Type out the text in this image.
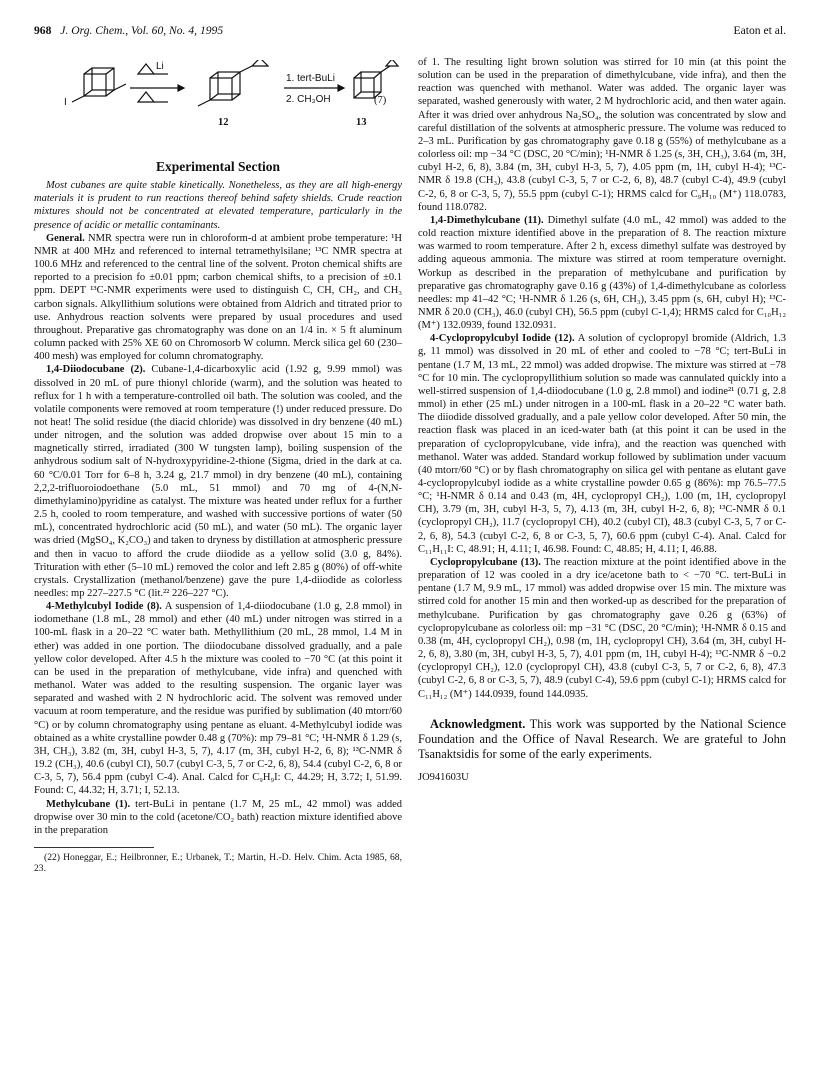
968 J. Org. Chem., Vol. 60, No. 4, 1995	Eaton et al.
Li
I
1. tert-BuLi
2. CH₃OH
12	13
(7)
Experimental Section

Most cubanes are quite stable kinetically. Nonetheless, as they are all high-energy materials it is prudent to run reactions thereof behind safety shields. Crude reaction mixtures should not be concentrated at elevated temperature, particularly in the presence of acidic or metallic contaminants.

General. NMR spectra were run in chloroform-d at ambient probe temperature: ¹H NMR at 400 MHz and referenced to internal tetramethylsilane; ¹³C NMR spectra at 100.6 MHz and referenced to the central line of the solvent. Proton chemical shifts are reported to a precision fo ±0.01 ppm; carbon chemical shifts, to a precision of ±0.1 ppm. DEPT ¹³C-NMR experiments were used to distinguish C, CH, CH₂, and CH₃ carbon signals. Alkyllithium solutions were obtained from Aldrich and titrated prior to use. Anhydrous reaction solvents were prepared by usual procedures and used throughout. Preparative gas chromatography was done on an 1/4 in. × 5 ft aluminum column packed with 25% XE 60 on Chromosorb W column. Merck silica gel 60 (230–400 mesh) was employed for column chromatography.

1,4-Diiodocubane (2). Cubane-1,4-dicarboxylic acid (1.92 g, 9.99 mmol) was dissolved in 20 mL of pure thionyl chloride (warm), and the solution was heated to reflux for 1 h with a temperature-controlled oil bath. The solution was cooled, and the volatile components were removed at room temperature (!) under reduced pressure. Do not heat! The solid residue (the diacid chloride) was dissolved in dry benzene (40 mL) under nitrogen, and the solution was added dropwise over about 15 min to a magnetically stirred, irradiated (300 W tungsten lamp), boiling suspension of the anhydrous sodium salt of N-hydroxypyridine-2-thione (Sigma, dried in the dark at ca. 60 °C/0.01 Torr for 6–8 h, 3.24 g, 21.7 mmol) in dry benzene (40 mL), containing 2,2,2-trifluoroiodoethane (5.0 mL, 51 mmol) and 70 mg of 4-(N,N-dimethylamino)pyridine as catalyst. The mixture was heated under reflux for a further 2.5 h, cooled to room temperature, and washed with successive portions of water (50 mL), concentrated hydrochloric acid (50 mL), and water (50 mL). The organic layer was dried (MgSO₄, K₂CO₃) and taken to dryness by distillation at atmospheric pressure and then in vacuo to afford the crude diiodide as a yellow solid (3.0 g, 84%). Trituration with ether (5–10 mL) removed the color and left 2.85 g (80%) of off-white crystals. Crystallization (methanol/benzene) gave the pure 1,4-diiodide as colorless needles: mp 227–227.5 °C (lit.²² 226–227 °C).

4-Methylcubyl Iodide (8). A suspension of 1,4-diiodocubane (1.0 g, 2.8 mmol) in iodomethane (1.8 mL, 28 mmol) and ether (40 mL) under nitrogen was stirred in a 100-mL flask in a 20–22 °C water bath. Methyllithium (20 mL, 28 mmol, 1.4 M in ether) was added in one portion. The diiodocubane dissolved gradually, and a pale yellow color developed. After 4.5 h the mixture was cooled to −70 °C (at this point it can be used in the preparation of methylcubane, vide infra) and quenched with methanol. Water was added to the resulting suspension. The organic layer was separated and washed with 2 N hydrochloric acid. The solvent was removed under vacuum at room temperature, and the residue was purified by sublimation (40 mtorr/60 °C) or by column chromatography using pentane as eluant. 4-Methylcubyl iodide was obtained as a white crystalline powder 0.48 g (70%): mp 79–81 °C; ¹H-NMR δ 1.29 (s, 3H, CH₃), 3.82 (m, 3H, cubyl H-3, 5, 7), 4.17 (m, 3H, cubyl H-2, 6, 8); ¹³C-NMR δ 19.2 (CH₃), 40.6 (cubyl CI), 50.7 (cubyl C-3, 5, 7 or C-2, 6, 8), 54.4 (cubyl C-2, 6, 8 or C-3, 5, 7), 56.4 ppm (cubyl C-4). Anal. Calcd for C₉H₉I: C, 44.29; H, 3.72; I, 51.99. Found: C, 44.32; H, 3.71; I, 52.13.

Methylcubane (1). tert-BuLi in pentane (1.7 M, 25 mL, 42 mmol) was added dropwise over 30 min to the cold (acetone/CO₂ bath) reaction mixture identified above in the preparation

(22) Honeggar, E.; Heilbronner, E.; Urbanek, T.; Martin, H.-D. Helv. Chim. Acta 1985, 68, 23.

of 1. The resulting light brown solution was stirred for 10 min (at this point the solution can be used in the preparation of dimethylcubane, vide infra), and then the reaction was quenched with methanol. Water was added. The organic layer was separated, washed generously with water, 2 M hydrochloric acid, and then water again. After it was dried over anhydrous Na₂SO₄, the solution was concentrated by slow and careful distillation of the solvents at atmospheric pressure. The volume was reduced to 2–3 mL. Purification by gas chromatography gave 0.18 g (55%) of methylcubane as a colorless oil: mp −34 °C (DSC, 20 °C/min); ¹H-NMR δ 1.25 (s, 3H, CH₃), 3.64 (m, 3H, cubyl H-2, 6, 8), 3.84 (m, 3H, cubyl H-3, 5, 7), 4.05 ppm (m, 1H, cubyl H-4); ¹³C-NMR δ 19.8 (CH₃), 43.8 (cubyl C-3, 5, 7 or C-2, 6, 8), 48.7 (cubyl C-4), 49.9 (cubyl C-2, 6, 8 or C-3, 5, 7), 55.5 ppm (cubyl C-1); HRMS calcd for C₉H₁₀ (M⁺) 118.0783, found 118.0782.

1,4-Dimethylcubane (11). Dimethyl sulfate (4.0 mL, 42 mmol) was added to the cold reaction mixture identified above in the preparation of 8. The reaction mixture was warmed to room temperature. After 2 h, excess dimethyl sulfate was destroyed by adding aqueous ammonia. The mixture was stirred at room temperature overnight. Workup as described in the preparation of methylcubane and purification by preparative gas chromatography gave 0.16 g (43%) of 1,4-dimethylcubane as colorless needles: mp 41–42 °C; ¹H-NMR δ 1.26 (s, 6H, CH₃), 3.45 ppm (s, 6H, cubyl H); ¹³C-NMR δ 20.0 (CH₃), 46.0 (cubyl CH), 56.5 ppm (cubyl C-1,4); HRMS calcd for C₁₀H₁₂ (M⁺) 132.0939, found 132.0931.

4-Cyclopropylcubyl Iodide (12). A solution of cyclopropyl bromide (Aldrich, 1.3 g, 11 mmol) was dissolved in 20 mL of ether and cooled to −78 °C; tert-BuLi in pentane (1.7 M, 13 mL, 22 mmol) was added dropwise. The mixture was stirred at −78 °C for 10 min. The cyclopropyllithium solution so made was cannulated quickly into a well-stirred suspension of 1,4-diiodocubane (1.0 g, 2.8 mmol) and iodine²¹ (0.71 g, 2.8 mmol) in ether (25 mL) under nitrogen in a 100-mL flask in a 20–22 °C water bath. The diiodide dissolved gradually, and a pale yellow color developed. After 50 min, the reaction flask was placed in an iced-water bath (at this point it can be used in the preparation of cyclopropylcubane, vide infra), and the reaction was quenched with methanol. Water was added. Standard workup followed by sublimation under vacuum (40 mtorr/60 °C) or by flash chromatography on silica gel with pentane as elutant gave 4-cyclopropylcubyl iodide as a white crystalline powder 0.65 g (86%): mp 76.5–77.5 °C; ¹H-NMR δ 0.14 and 0.43 (m, 4H, cyclopropyl CH₂), 1.00 (m, 1H, cyclopropyl CH), 3.79 (m, 3H, cubyl H-3, 5, 7), 4.13 (m, 3H, cubyl H-2, 6, 8); ¹³C-NMR δ 0.1 (cyclopropyl CH₂), 11.7 (cyclopropyl CH), 40.2 (cubyl CI), 48.3 (cubyl C-3, 5, 7 or C-2, 6, 8), 54.3 (cubyl C-2, 6, 8 or C-3, 5, 7), 60.6 ppm (cubyl C-4). Anal. Calcd for C₁₁H₁₁I: C, 48.91; H, 4.11; I, 46.98. Found: C, 48.85; H, 4.11; I, 46.88.

Cyclopropylcubane (13). The reaction mixture at the point identified above in the preparation of 12 was cooled in a dry ice/acetone bath to < −70 °C. tert-BuLi in pentane (1.7 M, 9.9 mL, 17 mmol) was added dropwise over 15 min. The mixture was stirred cold for another 15 min and then worked-up as described for the preparation of methylcubane. Purification by gas chromatography gave 0.26 g (63%) of cyclopropylcubane as colorless oil: mp −31 °C (DSC, 20 °C/min); ¹H-NMR δ 0.15 and 0.38 (m, 4H, cyclopropyl CH₂), 0.98 (m, 1H, cyclopropyl CH), 3.64 (m, 3H, cubyl H-2, 6, 8), 3.80 (m, 3H, cubyl H-3, 5, 7), 4.01 ppm (m, 1H, cubyl H-4); ¹³C-NMR δ −0.2 (cyclopropyl CH₂), 12.0 (cyclopropyl CH), 43.8 (cubyl C-3, 5, 7 or C-2, 6, 8), 47.3 (cubyl C-2, 6, 8 or C-3, 5, 7), 48.9 (cubyl C-4), 59.6 ppm (cubyl C-1); HRMS calcd for C₁₁H₁₂ (M⁺) 144.0939, found 144.0935.

Acknowledgment. This work was supported by the National Science Foundation and the Office of Naval Research. We are grateful to John Tsanaktsidis for some of the early experiments.
JO941603U
